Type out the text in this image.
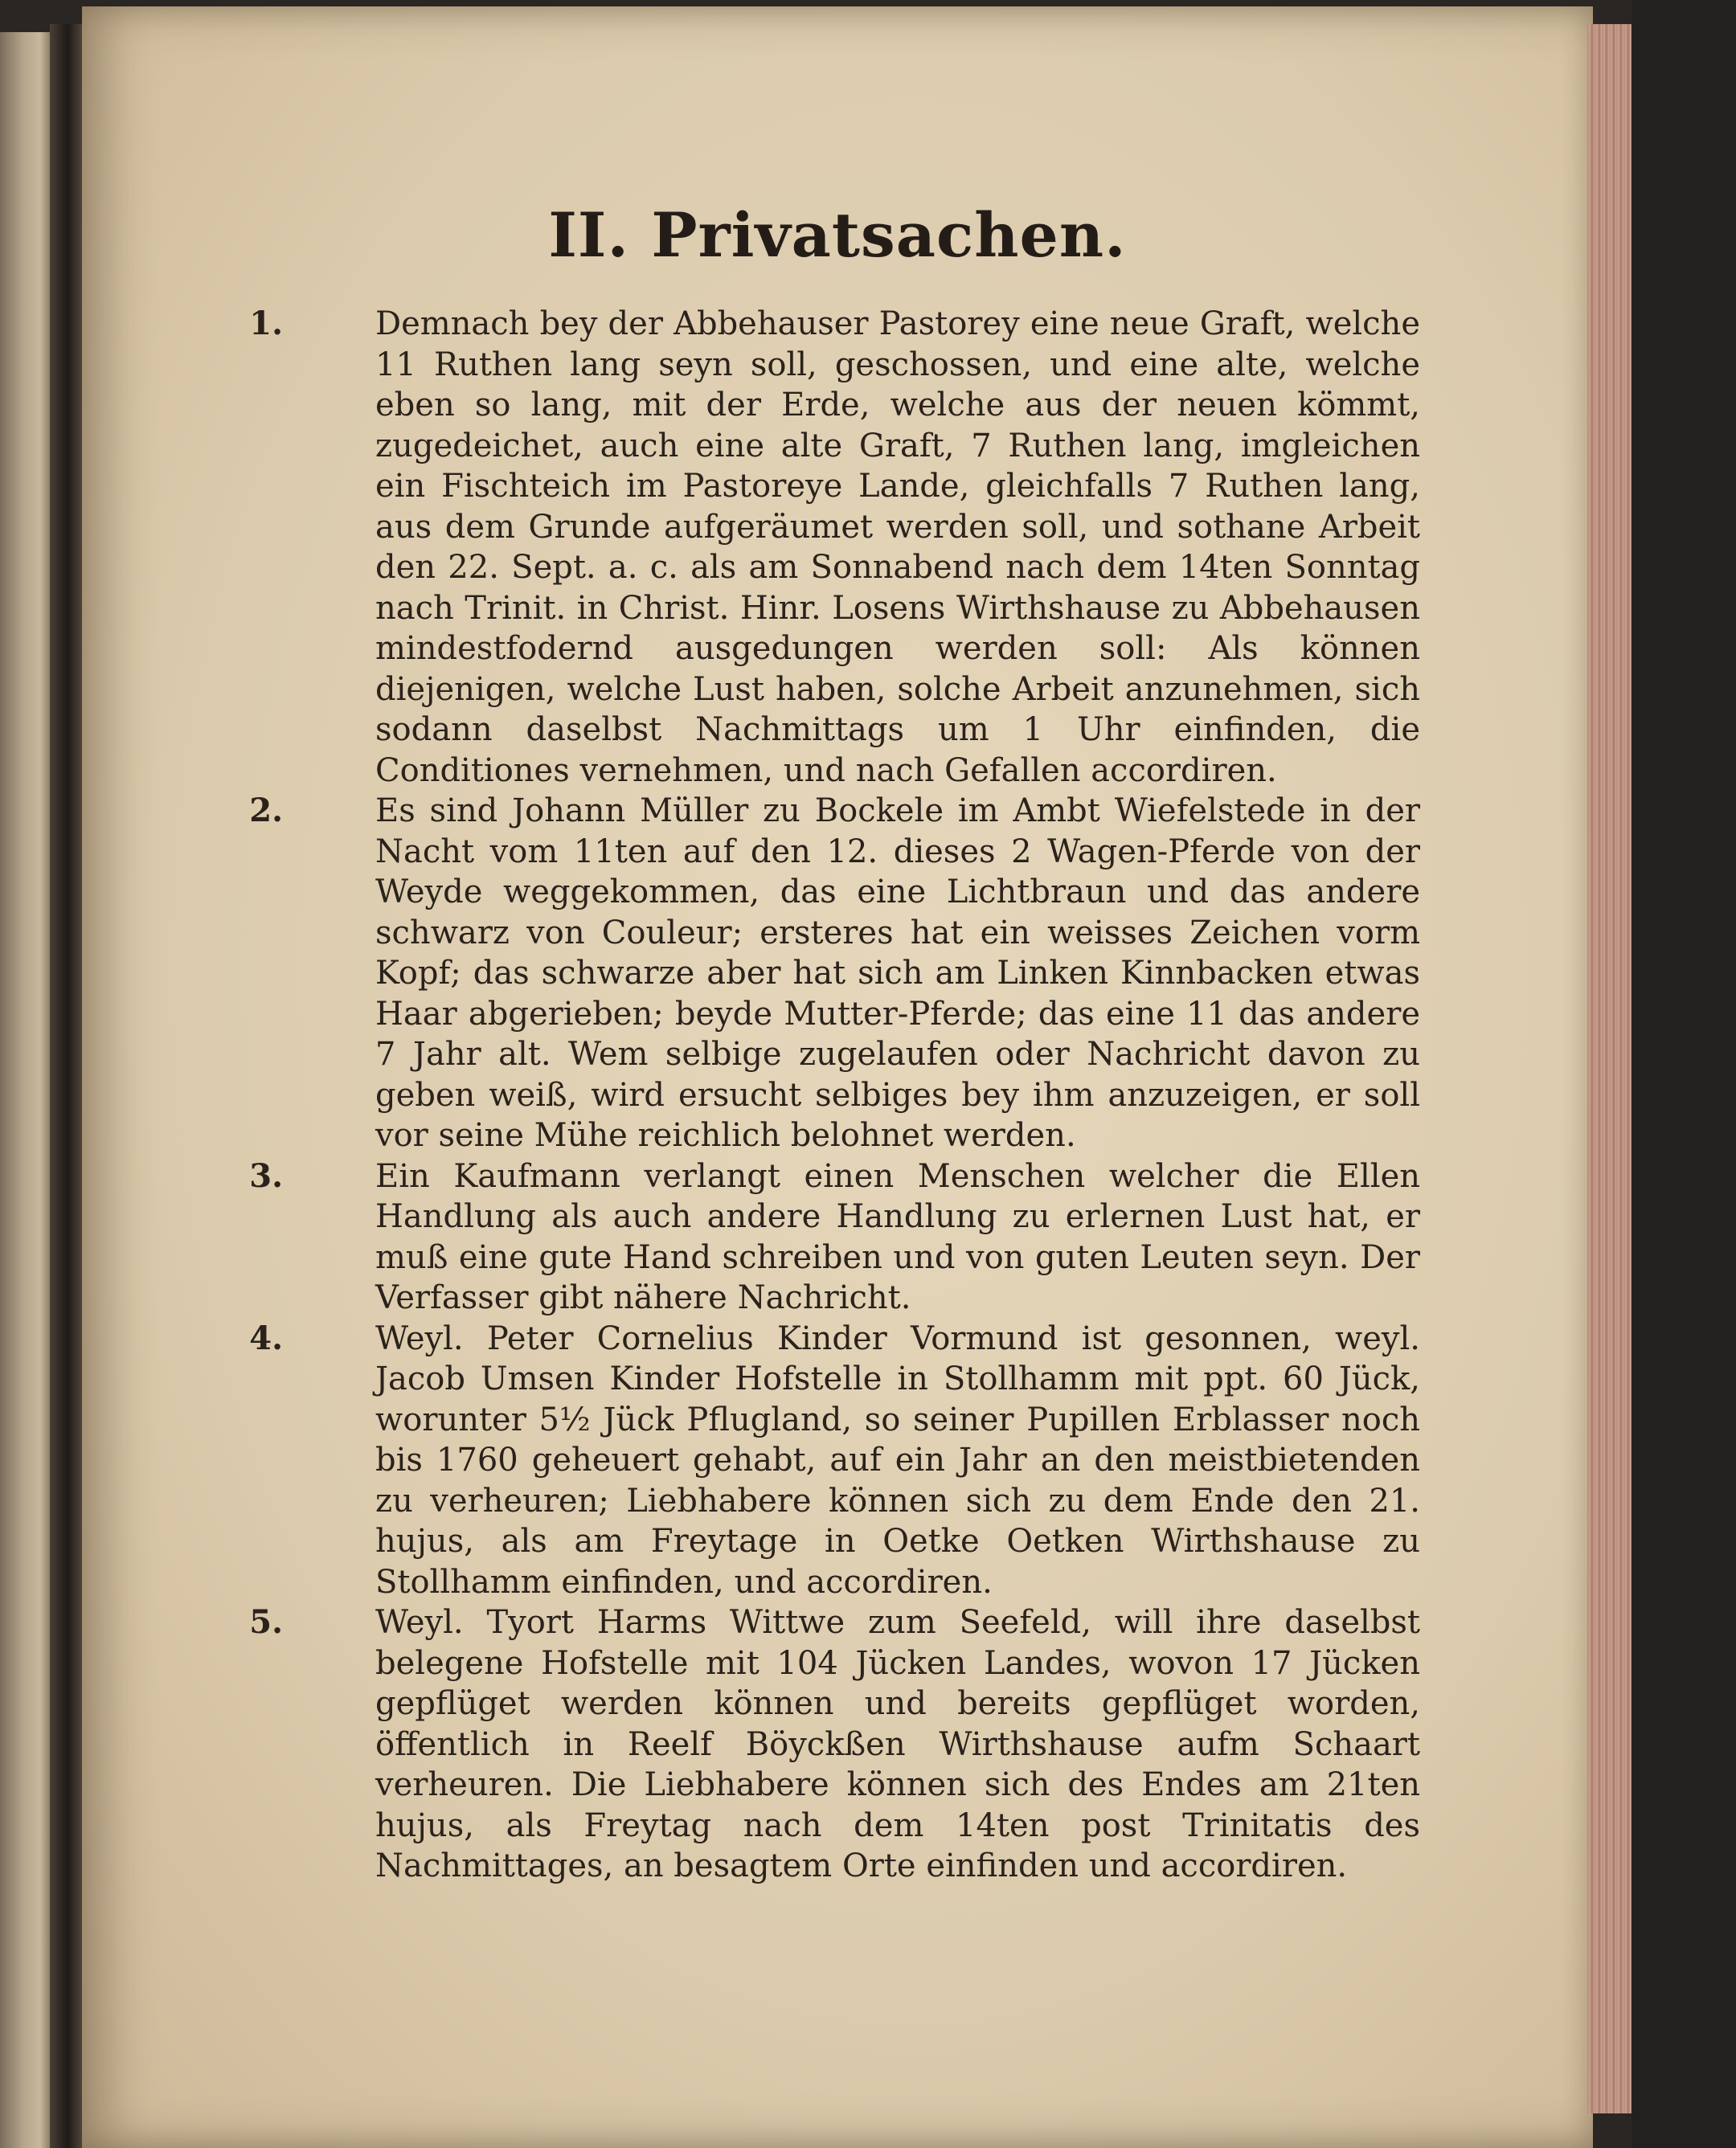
II. Privatsachen.
1.	Demnach bey der Abbehauser Pastorey eine neue Graft, welche 11 Ruthen lang seyn soll, geschossen, und eine alte, welche eben so lang, mit der Erde, welche aus der neuen kömmt, zugedeichet, auch eine alte Graft, 7 Ruthen lang, imgleichen ein Fischteich im Pastoreye Lande, gleichfalls 7 Ruthen lang, aus dem Grunde aufgeräumet werden soll, und sothane Arbeit den 22. Sept. a. c. als am Sonnabend nach dem 14ten Sonntag nach Trinit. in Christ. Hinr. Losens Wirthshause zu Abbehausen mindestfodernd ausgedungen werden soll: Als können diejenigen, welche Lust haben, solche Arbeit anzunehmen, sich sodann daselbst Nachmittags um 1 Uhr einfinden, die Conditiones vernehmen, und nach Gefallen accordiren.
2.	Es sind Johann Müller zu Bockele im Ambt Wiefelstede in der Nacht vom 11ten auf den 12. dieses 2 Wagen-Pferde von der Weyde weggekommen, das eine Lichtbraun und das andere schwarz von Couleur; ersteres hat ein weisses Zeichen vorm Kopf; das schwarze aber hat sich am Linken Kinnbacken etwas Haar abgerieben; beyde Mutter-Pferde; das eine 11 das andere 7 Jahr alt. Wem selbige zugelaufen oder Nachricht davon zu geben weiß, wird ersucht selbiges bey ihm anzuzeigen, er soll vor seine Mühe reichlich belohnet werden.
3.	Ein Kaufmann verlangt einen Menschen welcher die Ellen Handlung als auch andere Handlung zu erlernen Lust hat, er muß eine gute Hand schreiben und von guten Leuten seyn. Der Verfasser gibt nähere Nachricht.
4.	Weyl. Peter Cornelius Kinder Vormund ist gesonnen, weyl. Jacob Umsen Kinder Hofstelle in Stollhamm mit ppt. 60 Jück, worunter 5½ Jück Pflugland, so seiner Pupillen Erblasser noch bis 1760 geheuert gehabt, auf ein Jahr an den meistbietenden zu verheuren; Liebhabere können sich zu dem Ende den 21. hujus, als am Freytage in Oetke Oetken Wirthshause zu Stollhamm einfinden, und accordiren.
5.	Weyl. Tyort Harms Wittwe zum Seefeld, will ihre daselbst belegene Hofstelle mit 104 Jücken Landes, wovon 17 Jücken gepflüget werden können und bereits gepflüget worden, öffentlich in Reelf Böyckßen Wirthshause aufm Schaart verheuren. Die Liebhabere können sich des Endes am 21ten hujus, als Freytag nach dem 14ten post Trinitatis des Nachmittages, an besagtem Orte einfinden und accordiren.
